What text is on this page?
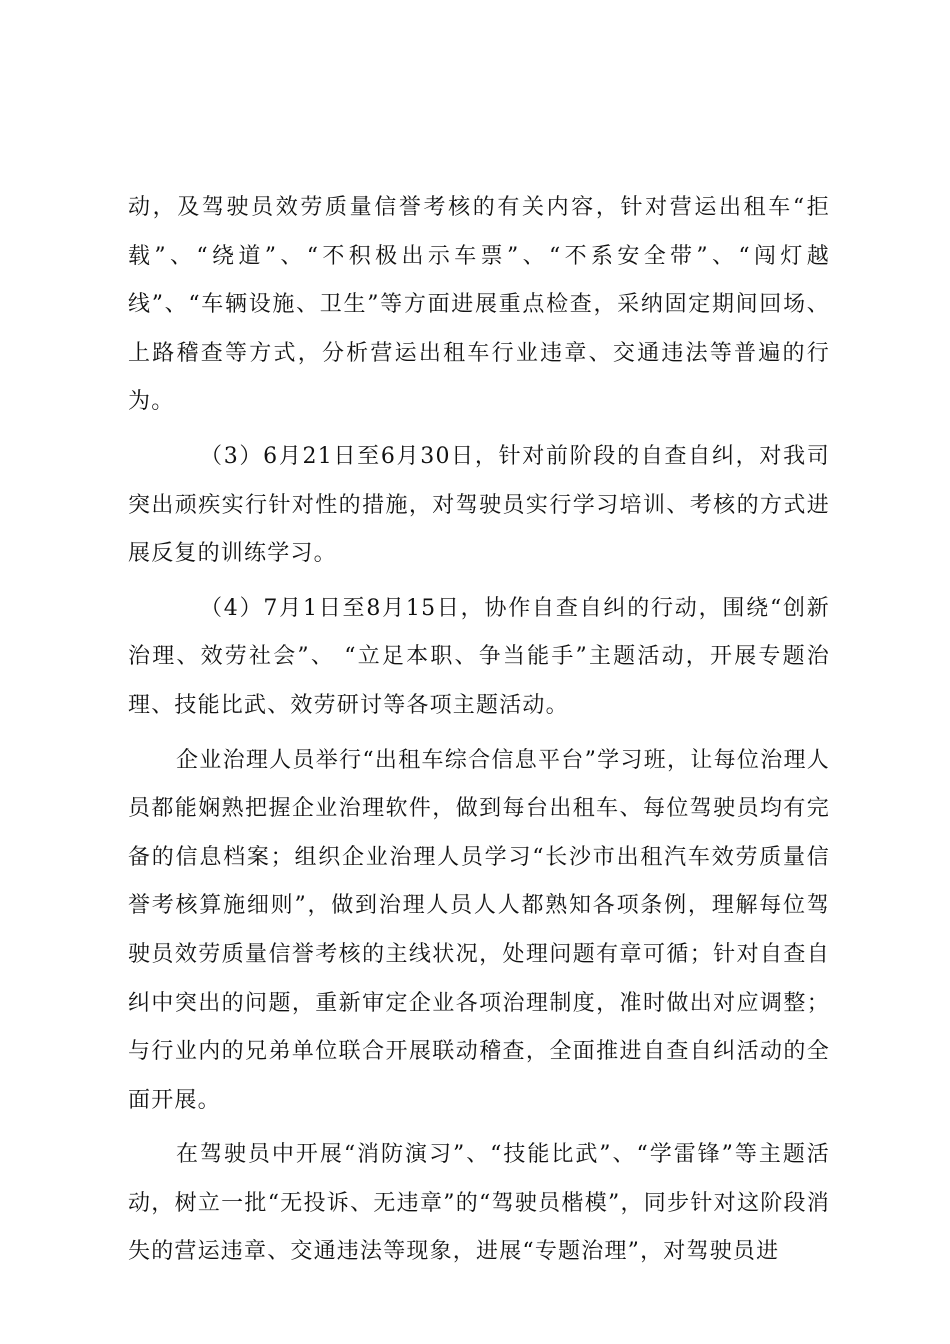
动，及驾驶员效劳质量信誉考核的有关内容，针对营运出租车“拒载”、“绕道”、“不积极出示车票”、“不系安全带”、“闯灯越线”、“车辆设施、卫生”等方面进展重点检查，采纳固定期间回场、上路稽查等方式，分析营运出租车行业违章、交通违法等普遍的行为。

（3）6月21日至6月30日，针对前阶段的自查自纠，对我司突出顽疾实行针对性的措施，对驾驶员实行学习培训、考核的方式进展反复的训练学习。

（4）7月1日至8月15日，协作自查自纠的行动，围绕“创新治理、效劳社会”、 “立足本职、争当能手”主题活动，开展专题治理、技能比武、效劳研讨等各项主题活动。

企业治理人员举行“出租车综合信息平台”学习班，让每位治理人员都能娴熟把握企业治理软件，做到每台出租车、每位驾驶员均有完备的信息档案；组织企业治理人员学习“长沙市出租汽车效劳质量信誉考核算施细则”，做到治理人员人人都熟知各项条例，理解每位驾驶员效劳质量信誉考核的主线状况，处理问题有章可循；针对自查自纠中突出的问题，重新审定企业各项治理制度，准时做出对应调整；与行业内的兄弟单位联合开展联动稽查，全面推进自查自纠活动的全面开展。

在驾驶员中开展“消防演习”、“技能比武”、“学雷锋”等主题活动，树立一批“无投诉、无违章”的“驾驶员楷模”，同步针对这阶段消失的营运违章、交通违法等现象，进展“专题治理”，对驾驶员进
